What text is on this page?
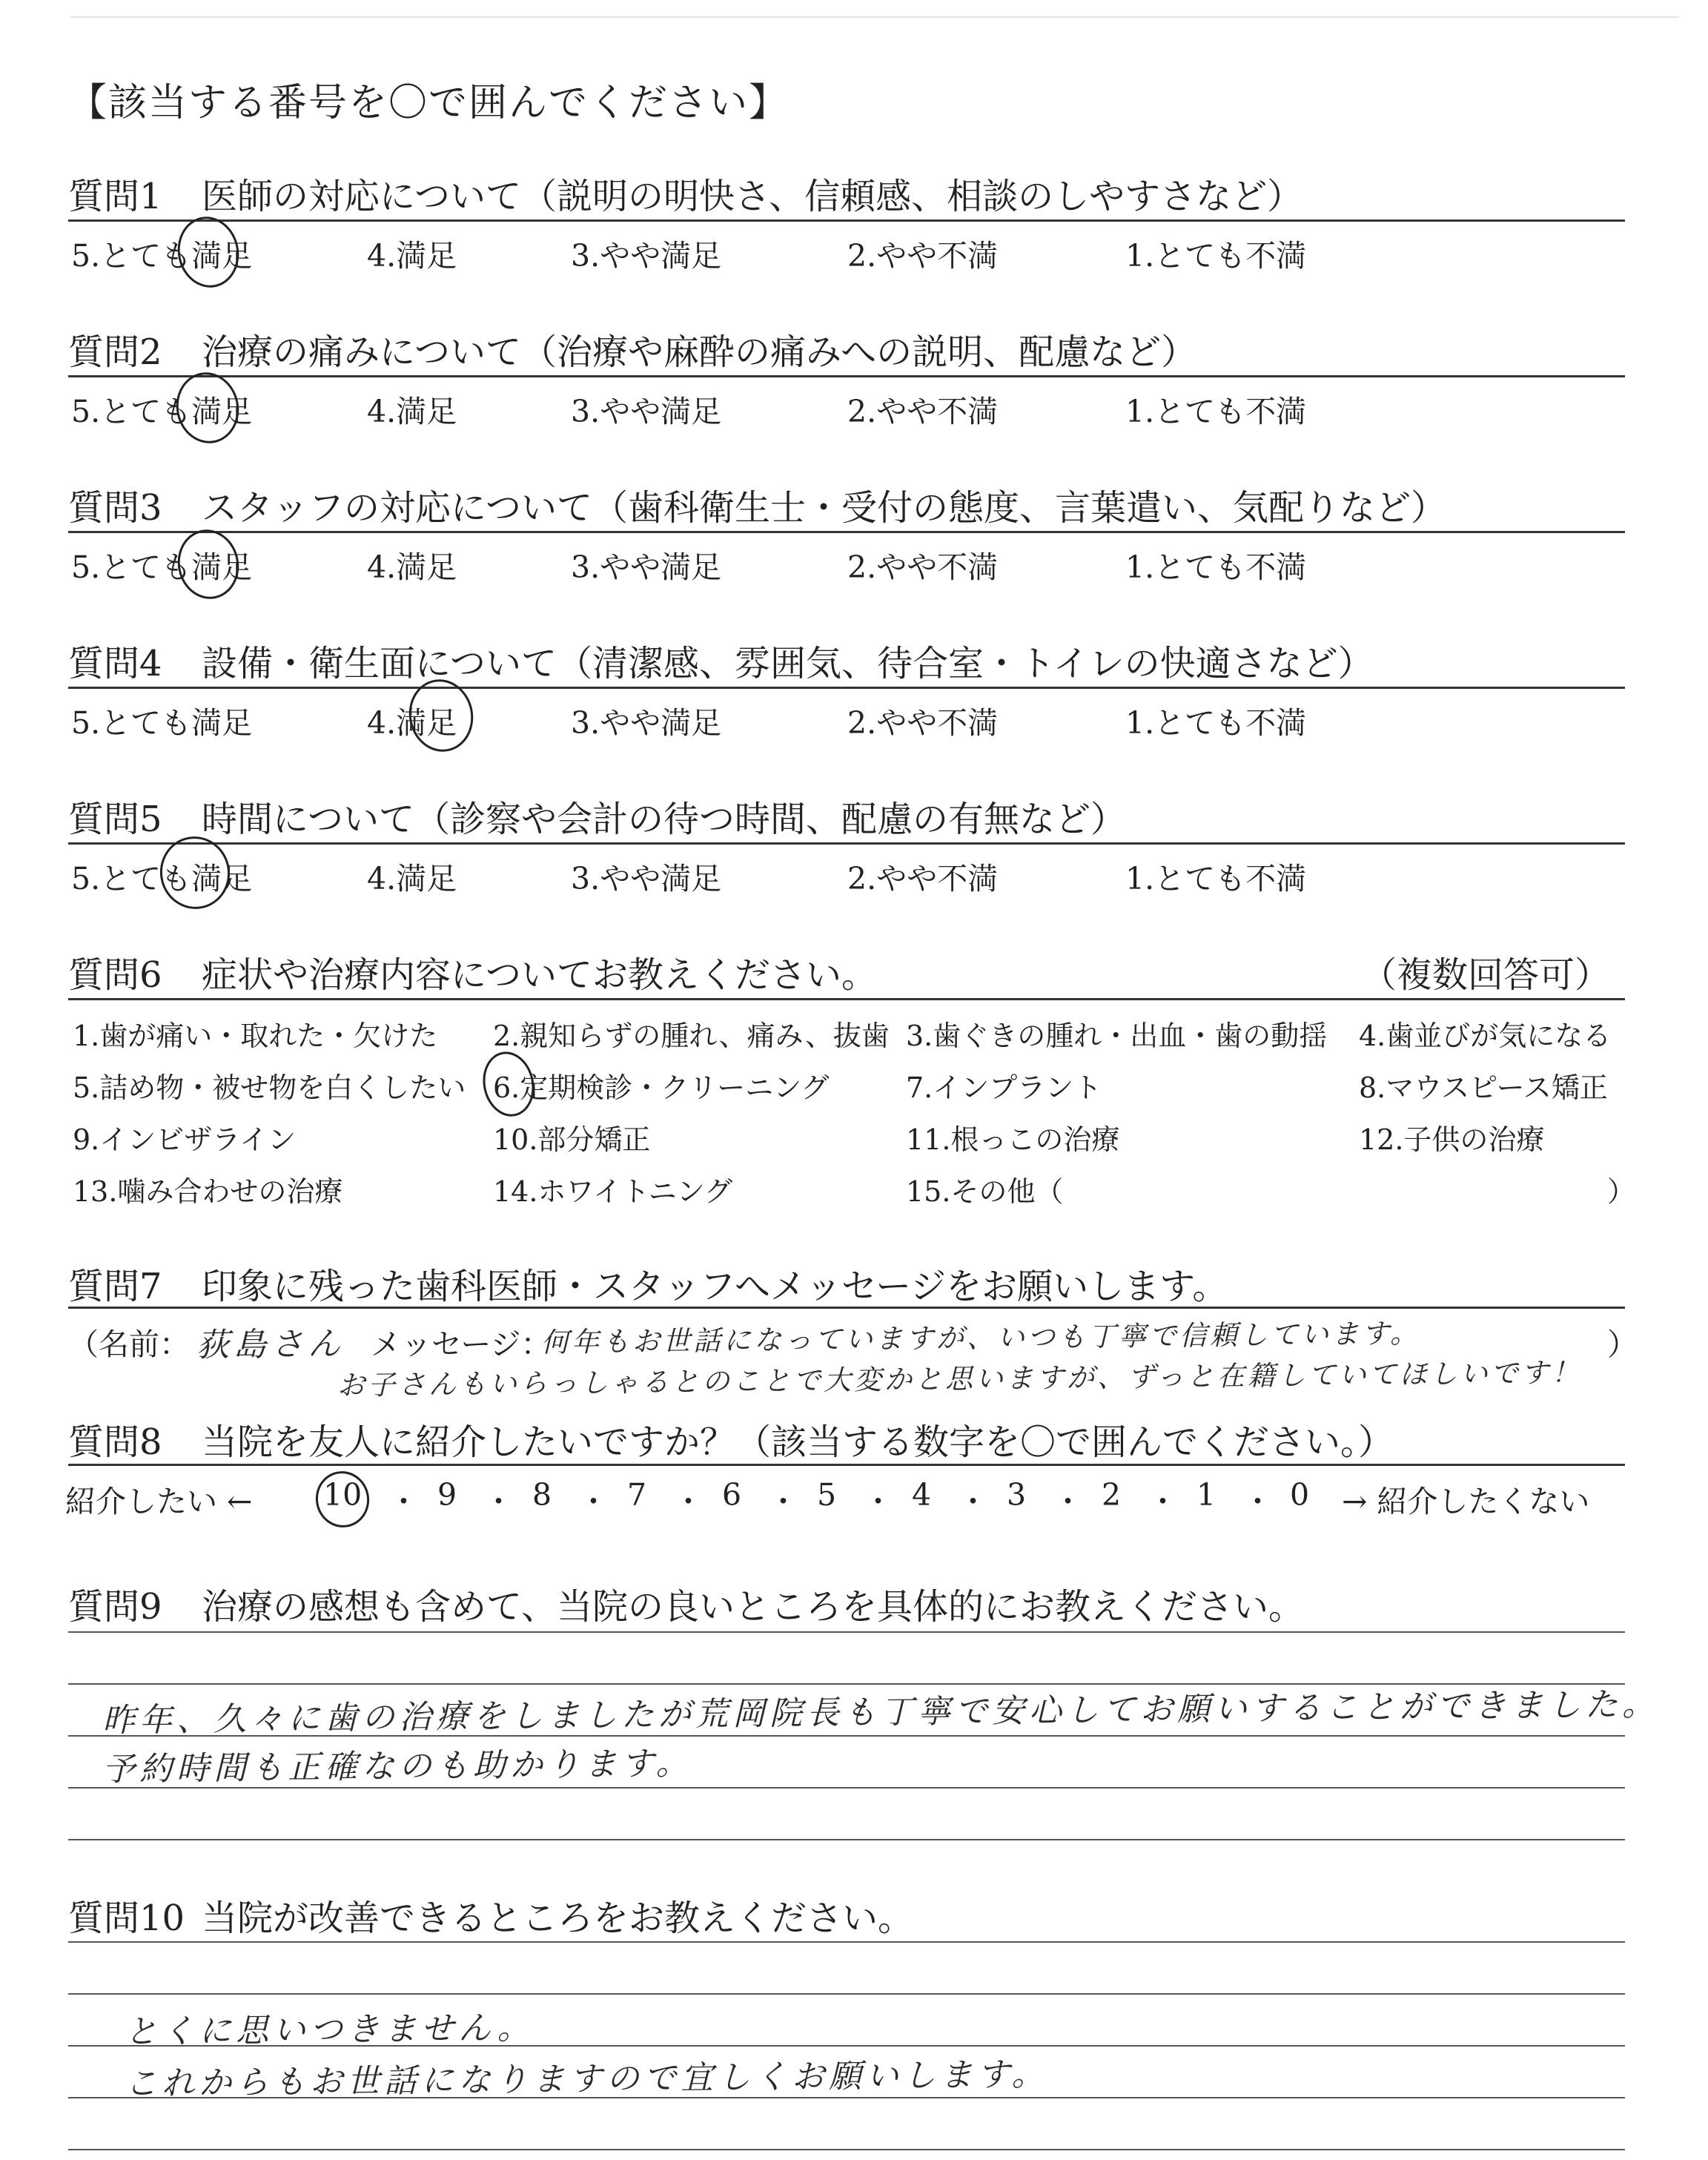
【該当する番号を〇で囲んでください】
質問1 医師の対応について（説明の明快さ、信頼感、相談のしやすさなど）
5.とても満足	4.満足	3.やや満足	2.やや不満	1.とても不満
質問2 治療の痛みについて（治療や麻酔の痛みへの説明、配慮など）
5.とても満足	4.満足	3.やや満足	2.やや不満	1.とても不満
質問3 スタッフの対応について（歯科衛生士・受付の態度、言葉遣い、気配りなど）
5.とても満足	4.満足	3.やや満足	2.やや不満	1.とても不満
質問4 設備・衛生面について（清潔感、雰囲気、待合室・トイレの快適さなど）
5.とても満足	4.満足	3.やや満足	2.やや不満	1.とても不満
質問5 時間について（診察や会計の待つ時間、配慮の有無など）
5.とても満足	4.満足	3.やや満足	2.やや不満	1.とても不満
質問6 症状や治療内容についてお教えください。	（複数回答可）
1.歯が痛い・取れた・欠けた 2.親知らずの腫れ、痛み、抜歯 3.歯ぐきの腫れ・出血・歯の動揺 4.歯並びが気になる
5.詰め物・被せ物を白くしたい 6.定期検診・クリーニング	7.インプラント	8.マウスピース矯正
9.インビザライン	10.部分矯正	11.根っこの治療	12.子供の治療
13.噛み合わせの治療	14.ホワイトニング	15.その他（	）
質問7 印象に残った歯科医師・スタッフへメッセージをお願いします。
（名前： 荻島さん メッセージ：
何年もお世話になっていますが、いつも丁寧で信頼しています。
お子さんもいらっしゃるとのことで大変かと思いますが、ずっと在籍していてほしいです！
）
質問8 当院を友人に紹介したいですか？（該当する数字を〇で囲んでください。）
紹介したい ←	→ 紹介したくない
10 ・ 9 ・ 8 ・ 7 ・ 6 ・ 5 ・ 4 ・ 3 ・ 2 ・ 1 ・ 0
質問9 治療の感想も含めて、当院の良いところを具体的にお教えください。
昨年、久々に歯の治療をしましたが荒岡院長も丁寧で安心してお願いすることができました。
予約時間も正確なのも助かります。
質問10 当院が改善できるところをお教えください。
とくに思いつきません。
これからもお世話になりますので宜しくお願いします。
